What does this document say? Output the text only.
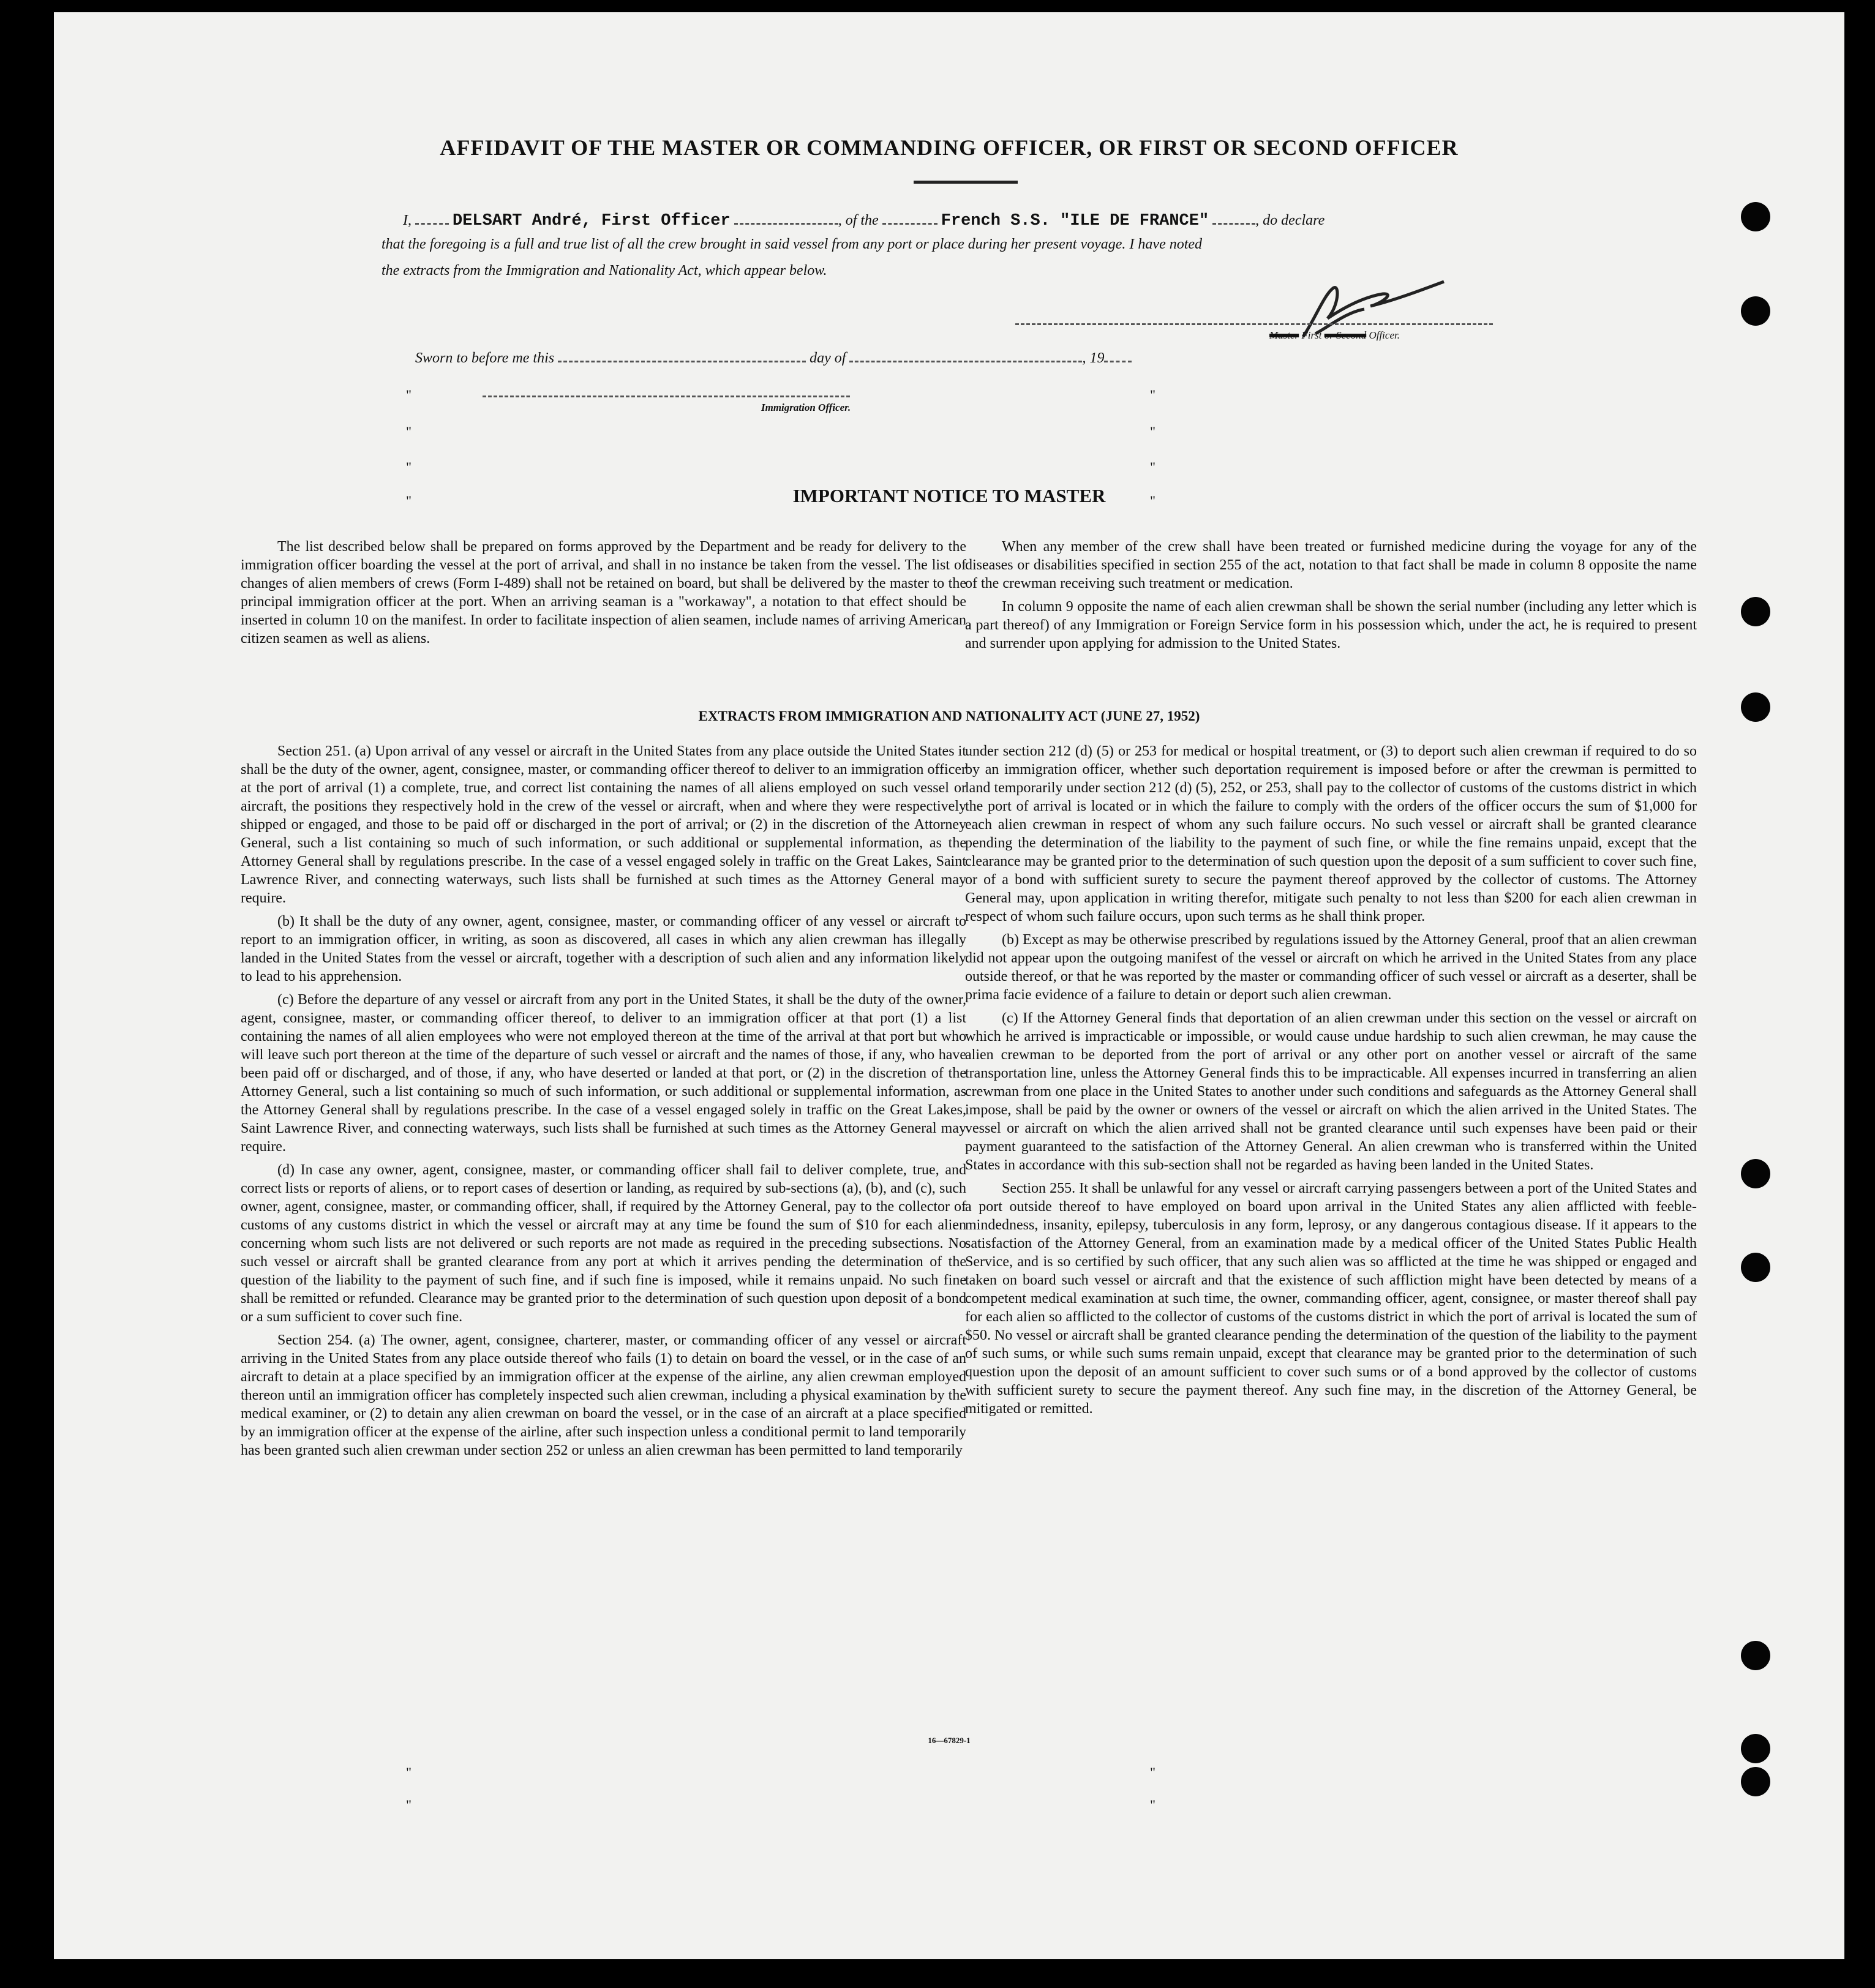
AFFIDAVIT OF THE MASTER OR COMMANDING OFFICER, OR FIRST OR SECOND OFFICER
I, DELSART André, First Officer	, of the	French S.S. "ILE DE FRANCE"	, do declare
that the foregoing is a full and true list of all the crew brought in said vessel from any port or place during her present voyage. I have noted
the extracts from the Immigration and Nationality Act, which appear below.
Master First or Second Officer.
Sworn to before me this	day of	, 19
Immigration Officer.
"
"
"
"
"
"
"
"
IMPORTANT NOTICE TO MASTER

The list described below shall be prepared on forms approved by the Department and be ready for delivery to the immigration officer boarding the vessel at the port of arrival, and shall in no instance be taken from the vessel. The list of changes of alien members of crews (Form I-489) shall not be retained on board, but shall be delivered by the master to the principal immigration officer at the port. When an arriving seaman is a "workaway", a notation to that effect should be inserted in column 10 on the manifest. In order to facilitate inspection of alien seamen, include names of arriving American citizen seamen as well as aliens.

When any member of the crew shall have been treated or furnished medicine during the voyage for any of the diseases or disabilities specified in section 255 of the act, notation to that fact shall be made in column 8 opposite the name of the crewman receiving such treatment or medication.

In column 9 opposite the name of each alien crewman shall be shown the serial number (including any letter which is a part thereof) of any Immigration or Foreign Service form in his possession which, under the act, he is required to present and surrender upon applying for admission to the United States.

EXTRACTS FROM IMMIGRATION AND NATIONALITY ACT (JUNE 27, 1952)

Section 251. (a) Upon arrival of any vessel or aircraft in the United States from any place outside the United States it shall be the duty of the owner, agent, consignee, master, or commanding officer thereof to deliver to an immigration officer at the port of arrival (1) a complete, true, and correct list containing the names of all aliens employed on such vessel or aircraft, the positions they respectively hold in the crew of the vessel or aircraft, when and where they were respectively shipped or engaged, and those to be paid off or discharged in the port of arrival; or (2) in the discretion of the Attorney General, such a list containing so much of such information, or such additional or supplemental information, as the Attorney General shall by regulations prescribe. In the case of a vessel engaged solely in traffic on the Great Lakes, Saint Lawrence River, and connecting waterways, such lists shall be furnished at such times as the Attorney General may require.

(b) It shall be the duty of any owner, agent, consignee, master, or commanding officer of any vessel or aircraft to report to an immigration officer, in writing, as soon as discovered, all cases in which any alien crewman has illegally landed in the United States from the vessel or aircraft, together with a description of such alien and any information likely to lead to his apprehension.

(c) Before the departure of any vessel or aircraft from any port in the United States, it shall be the duty of the owner, agent, consignee, master, or commanding officer thereof, to deliver to an immigration officer at that port (1) a list containing the names of all alien employees who were not employed thereon at the time of the arrival at that port but who will leave such port thereon at the time of the departure of such vessel or aircraft and the names of those, if any, who have been paid off or discharged, and of those, if any, who have deserted or landed at that port, or (2) in the discretion of the Attorney General, such a list containing so much of such information, or such additional or supplemental information, as the Attorney General shall by regulations prescribe. In the case of a vessel engaged solely in traffic on the Great Lakes, Saint Lawrence River, and connecting waterways, such lists shall be furnished at such times as the Attorney General may require.

(d) In case any owner, agent, consignee, master, or commanding officer shall fail to deliver complete, true, and correct lists or reports of aliens, or to report cases of desertion or landing, as required by sub-sections (a), (b), and (c), such owner, agent, consignee, master, or commanding officer, shall, if required by the Attorney General, pay to the collector of customs of any customs district in which the vessel or aircraft may at any time be found the sum of $10 for each alien concerning whom such lists are not delivered or such reports are not made as required in the preceding subsections. No such vessel or aircraft shall be granted clearance from any port at which it arrives pending the determination of the question of the liability to the payment of such fine, and if such fine is imposed, while it remains unpaid. No such fine shall be remitted or refunded. Clearance may be granted prior to the determination of such question upon deposit of a bond or a sum sufficient to cover such fine.

Section 254. (a) The owner, agent, consignee, charterer, master, or commanding officer of any vessel or aircraft arriving in the United States from any place outside thereof who fails (1) to detain on board the vessel, or in the case of an aircraft to detain at a place specified by an immigration officer at the expense of the airline, any alien crewman employed thereon until an immigration officer has completely inspected such alien crewman, including a physical examination by the medical examiner, or (2) to detain any alien crewman on board the vessel, or in the case of an aircraft at a place specified by an immigration officer at the expense of the airline, after such inspection unless a conditional permit to land temporarily has been granted such alien crewman under section 252 or unless an alien crewman has been permitted to land temporarily

under section 212 (d) (5) or 253 for medical or hospital treatment, or (3) to deport such alien crewman if required to do so by an immigration officer, whether such deportation requirement is imposed before or after the crewman is permitted to land temporarily under section 212 (d) (5), 252, or 253, shall pay to the collector of customs of the customs district in which the port of arrival is located or in which the failure to comply with the orders of the officer occurs the sum of $1,000 for each alien crewman in respect of whom any such failure occurs. No such vessel or aircraft shall be granted clearance pending the determination of the liability to the payment of such fine, or while the fine remains unpaid, except that the clearance may be granted prior to the determination of such question upon the deposit of a sum sufficient to cover such fine, or of a bond with sufficient surety to secure the payment thereof approved by the collector of customs. The Attorney General may, upon application in writing therefor, mitigate such penalty to not less than $200 for each alien crewman in respect of whom such failure occurs, upon such terms as he shall think proper.

(b) Except as may be otherwise prescribed by regulations issued by the Attorney General, proof that an alien crewman did not appear upon the outgoing manifest of the vessel or aircraft on which he arrived in the United States from any place outside thereof, or that he was reported by the master or commanding officer of such vessel or aircraft as a deserter, shall be prima facie evidence of a failure to detain or deport such alien crewman.

(c) If the Attorney General finds that deportation of an alien crewman under this section on the vessel or aircraft on which he arrived is impracticable or impossible, or would cause undue hardship to such alien crewman, he may cause the alien crewman to be deported from the port of arrival or any other port on another vessel or aircraft of the same transportation line, unless the Attorney General finds this to be impracticable. All expenses incurred in transferring an alien crewman from one place in the United States to another under such conditions and safeguards as the Attorney General shall impose, shall be paid by the owner or owners of the vessel or aircraft on which the alien arrived in the United States. The vessel or aircraft on which the alien arrived shall not be granted clearance until such expenses have been paid or their payment guaranteed to the satisfaction of the Attorney General. An alien crewman who is transferred within the United States in accordance with this sub-section shall not be regarded as having been landed in the United States.

Section 255. It shall be unlawful for any vessel or aircraft carrying passengers between a port of the United States and a port outside thereof to have employed on board upon arrival in the United States any alien afflicted with feeble-mindedness, insanity, epilepsy, tuberculosis in any form, leprosy, or any dangerous contagious disease. If it appears to the satisfaction of the Attorney General, from an examination made by a medical officer of the United States Public Health Service, and is so certified by such officer, that any such alien was so afflicted at the time he was shipped or engaged and taken on board such vessel or aircraft and that the existence of such affliction might have been detected by means of a competent medical examination at such time, the owner, commanding officer, agent, consignee, or master thereof shall pay for each alien so afflicted to the collector of customs of the customs district in which the port of arrival is located the sum of $50. No vessel or aircraft shall be granted clearance pending the determination of the question of the liability to the payment of such sums, or while such sums remain unpaid, except that clearance may be granted prior to the determination of such question upon the deposit of an amount sufficient to cover such sums or of a bond approved by the collector of customs with sufficient surety to secure the payment thereof. Any such fine may, in the discretion of the Attorney General, be mitigated or remitted.

16—67829-1
"
"
"
"
